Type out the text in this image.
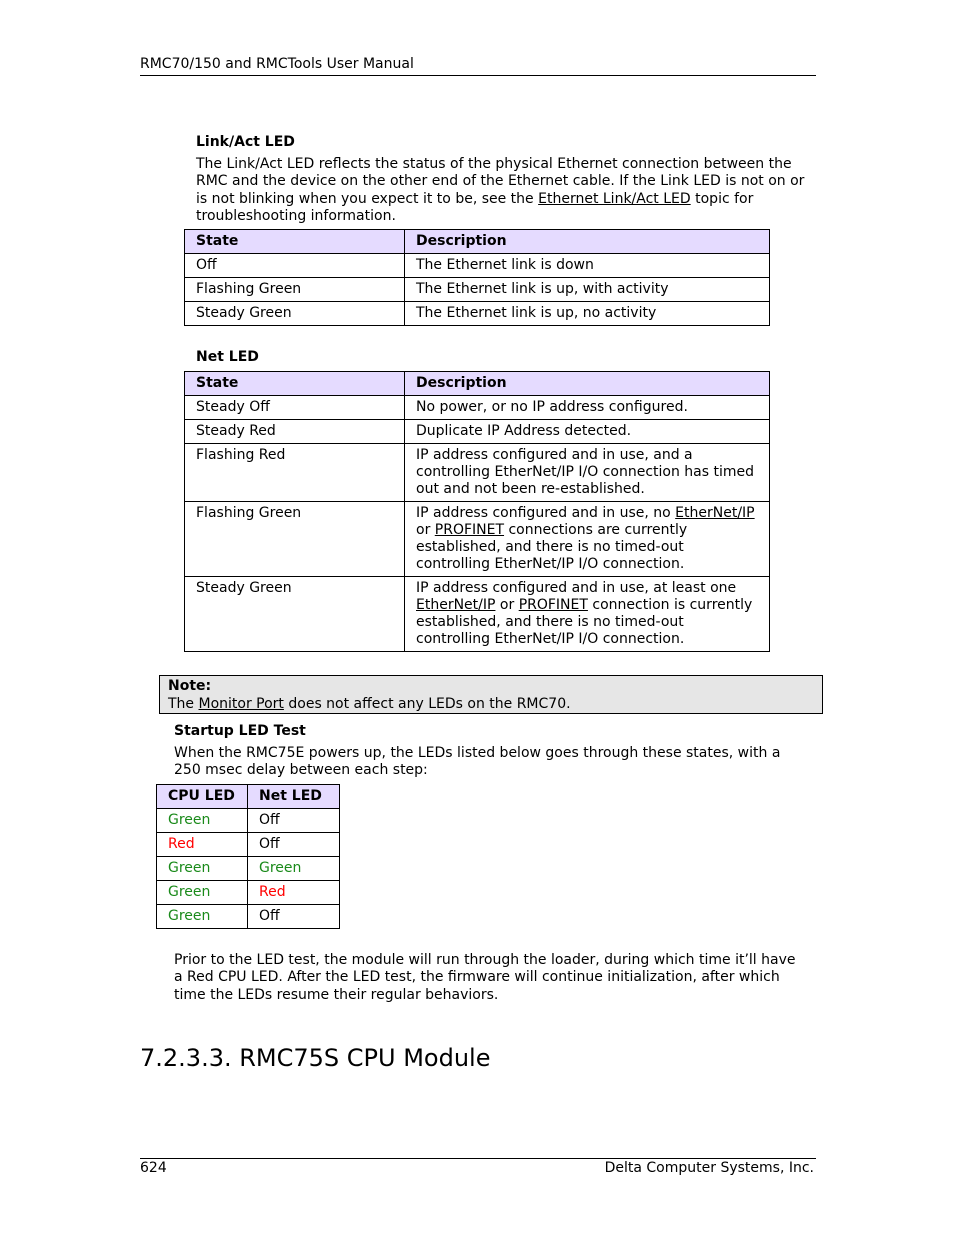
RMC70/150 and RMCTools User Manual
Link/Act LED

The Link/Act LED reflects the status of the physical Ethernet connection between the RMC and the device on the other end of the Ethernet cable. If the Link LED is not on or is not blinking when you expect it to be, see the Ethernet Link/Act LED topic for troubleshooting information.

State	Description
Off	The Ethernet link is down
Flashing Green	The Ethernet link is up, with activity
Steady Green	The Ethernet link is up, no activity
Net LED
State	Description
Steady Off	No power, or no IP address configured.
Steady Red	Duplicate IP Address detected.
Flashing Red	IP address configured and in use, and a controlling EtherNet/IP I/O connection has timed out and not been re-established.
Flashing Green	IP address configured and in use, no EtherNet/IP or PROFINET connections are currently established, and there is no timed-out controlling EtherNet/IP I/O connection.
Steady Green	IP address configured and in use, at least one EtherNet/IP or PROFINET connection is currently established, and there is no timed-out controlling EtherNet/IP I/O connection.
Note:
The Monitor Port does not affect any LEDs on the RMC70.
Startup LED Test

When the RMC75E powers up, the LEDs listed below goes through these states, with a 250 msec delay between each step:

CPU LED	Net LED
Green	Off
Red	Off
Green	Green
Green	Red
Green	Off

Prior to the LED test, the module will run through the loader, during which time it’ll have a Red CPU LED. After the LED test, the firmware will continue initialization, after which time the LEDs resume their regular behaviors.

7.2.3.3. RMC75S CPU Module
624	Delta Computer Systems, Inc.
